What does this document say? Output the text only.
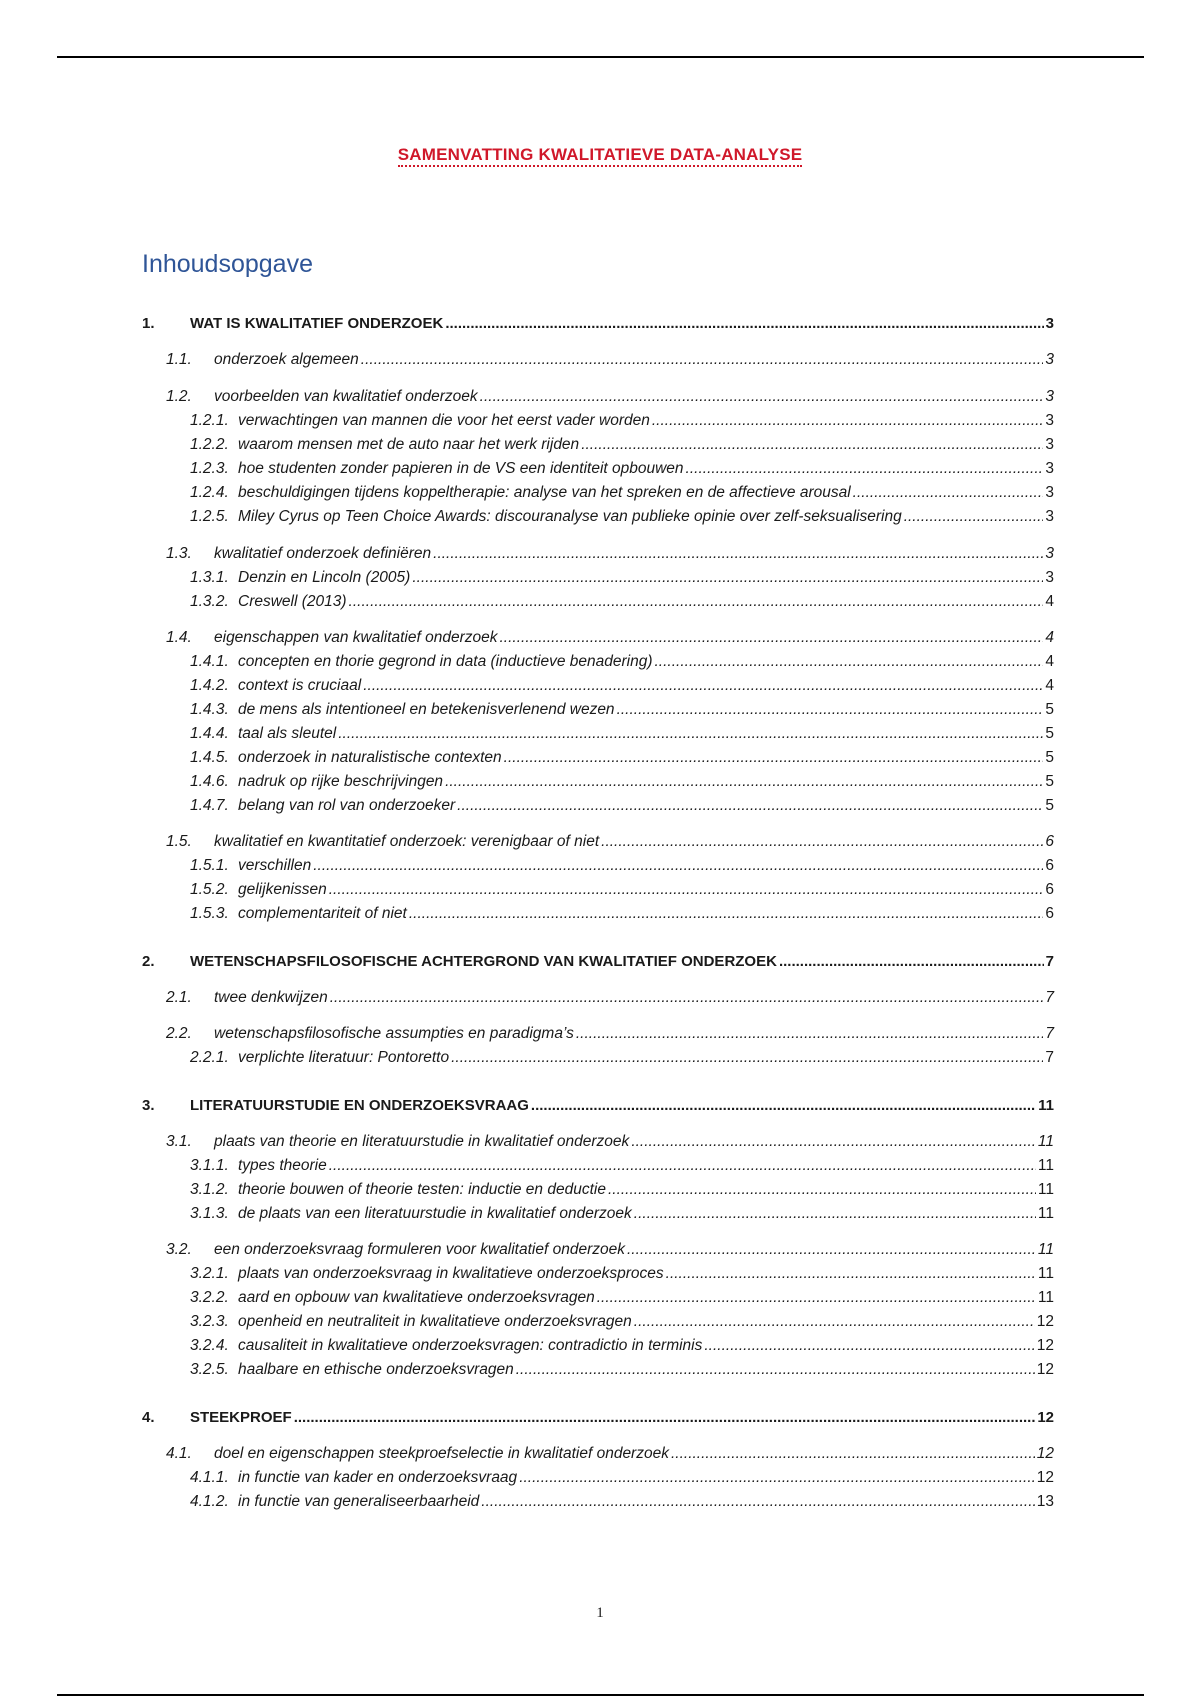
SAMENVATTING KWALITATIEVE DATA-ANALYSE
Inhoudsopgave
1.	WAT IS KWALITATIEF ONDERZOEK .....	3
1.1.	onderzoek algemeen .....	3
1.2.	voorbeelden van kwalitatief onderzoek .....	3
1.2.1. verwachtingen van mannen die voor het eerst vader worden .....	3
1.2.2. waarom mensen met de auto naar het werk rijden .....	3
1.2.3. hoe studenten zonder papieren in de VS een identiteit opbouwen .....	3
1.2.4. beschuldigingen tijdens koppeltherapie: analyse van het spreken en de affectieve arousal .....	3
1.2.5. Miley Cyrus op Teen Choice Awards: discouranalyse van publieke opinie over zelf-seksualisering .....	3
1.3.	kwalitatief onderzoek definiëren .....	3
1.3.1. Denzin en Lincoln (2005) .....	3
1.3.2. Creswell (2013) .....	4
1.4.	eigenschappen van kwalitatief onderzoek .....	4
1.4.1. concepten en thorie gegrond in data (inductieve benadering) .....	4
1.4.2. context is cruciaal .....	4
1.4.3. de mens als intentioneel en betekenisverlenend wezen .....	5
1.4.4. taal als sleutel .....	5
1.4.5. onderzoek in naturalistische contexten .....	5
1.4.6. nadruk op rijke beschrijvingen .....	5
1.4.7. belang van rol van onderzoeker .....	5
1.5.	kwalitatief en kwantitatief onderzoek: verenigbaar of niet .....	6
1.5.1. verschillen .....	6
1.5.2. gelijkenissen .....	6
1.5.3. complementariteit of niet .....	6
2.	WETENSCHAPSFILOSOFISCHE ACHTERGROND VAN KWALITATIEF ONDERZOEK .....	7
2.1.	twee denkwijzen .....	7
2.2.	wetenschapsfilosofische assumpties en paradigma’s .....	7
2.2.1. verplichte literatuur: Pontoretto .....	7
3.	LITERATUURSTUDIE EN ONDERZOEKSVRAAG .....	11
3.1.	plaats van theorie en literatuurstudie in kwalitatief onderzoek .....	11
3.1.1. types theorie .....	11
3.1.2. theorie bouwen of theorie testen: inductie en deductie .....	11
3.1.3. de plaats van een literatuurstudie in kwalitatief onderzoek .....	11
3.2.	een onderzoeksvraag formuleren voor kwalitatief onderzoek .....	11
3.2.1. plaats van onderzoeksvraag in kwalitatieve onderzoeksproces .....	11
3.2.2. aard en opbouw van kwalitatieve onderzoeksvragen .....	11
3.2.3. openheid en neutraliteit in kwalitatieve onderzoeksvragen .....	12
3.2.4. causaliteit in kwalitatieve onderzoeksvragen: contradictio in terminis .....	12
3.2.5. haalbare en ethische onderzoeksvragen .....	12
4.	STEEKPROEF .....	12
4.1.	doel en eigenschappen steekproefselectie in kwalitatief onderzoek .....	12
4.1.1. in functie van kader en onderzoeksvraag .....	12
4.1.2. in functie van generaliseerbaarheid .....	13
1
